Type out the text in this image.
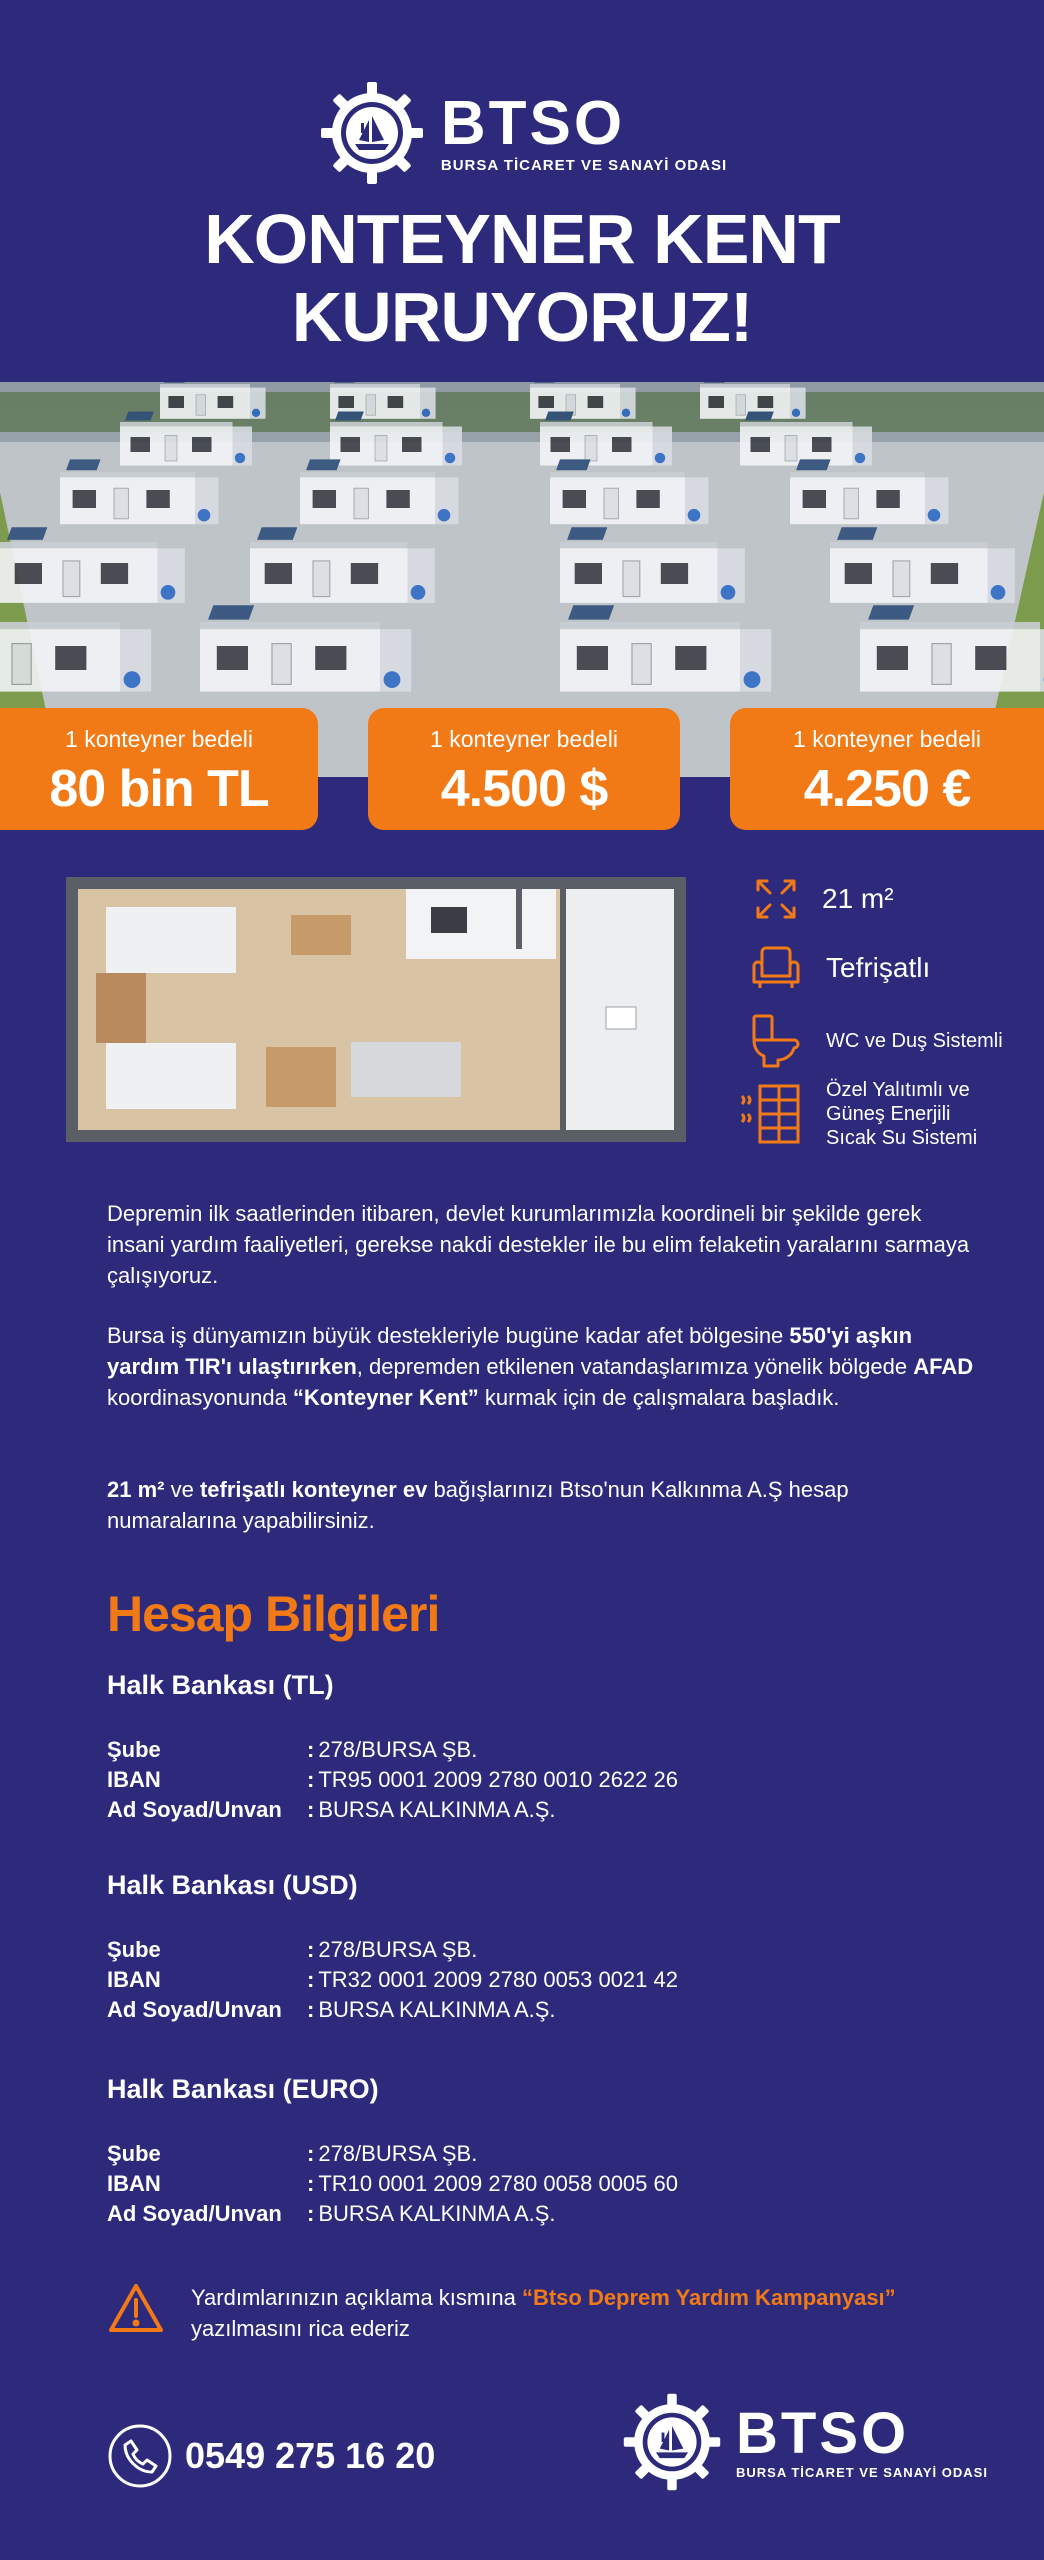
BTSO
BURSA TİCARET VE SANAYİ ODASI
KONTEYNER KENT
KURUYORUZ!
1 konteyner bedeli
80 bin TL
1 konteyner bedeli
4.500 $
1 konteyner bedeli
4.250 €
21 m²
Tefrişatlı
WC ve Duş Sistemli
Özel Yalıtımlı ve
Güneş Enerjili
Sıcak Su Sistemi
Depremin ilk saatlerinden itibaren, devlet kurumlarımızla koordineli bir şekilde gerek insani yardım faaliyetleri, gerekse nakdi destekler ile bu elim felaketin yaralarını sarmaya çalışıyoruz.
Bursa iş dünyamızın büyük destekleriyle bugüne kadar afet bölgesine 550'yi aşkın yardım TIR'ı ulaştırırken, depremden etkilenen vatandaşlarımıza yönelik bölgede AFAD koordinasyonunda “Konteyner Kent” kurmak için de çalışmalara başladık.
21 m² ve tefrişatlı konteyner ev bağışlarınızı Btso'nun Kalkınma A.Ş hesap numaralarına yapabilirsiniz.
Hesap Bilgileri
Halk Bankası (TL)
Şube	: 278/BURSA ŞB.
IBAN	: TR95 0001 2009 2780 0010 2622 26
Ad Soyad/Unvan	: BURSA KALKINMA A.Ş.
Halk Bankası (USD)
Şube	: 278/BURSA ŞB.
IBAN	: TR32 0001 2009 2780 0053 0021 42
Ad Soyad/Unvan	: BURSA KALKINMA A.Ş.
Halk Bankası (EURO)
Şube	: 278/BURSA ŞB.
IBAN	: TR10 0001 2009 2780 0058 0005 60
Ad Soyad/Unvan	: BURSA KALKINMA A.Ş.
Yardımlarınızın açıklama kısmına “Btso Deprem Yardım Kampanyası”
yazılmasını rica ederiz
0549 275 16 20	BTSO
BURSA TİCARET VE SANAYİ ODASI
